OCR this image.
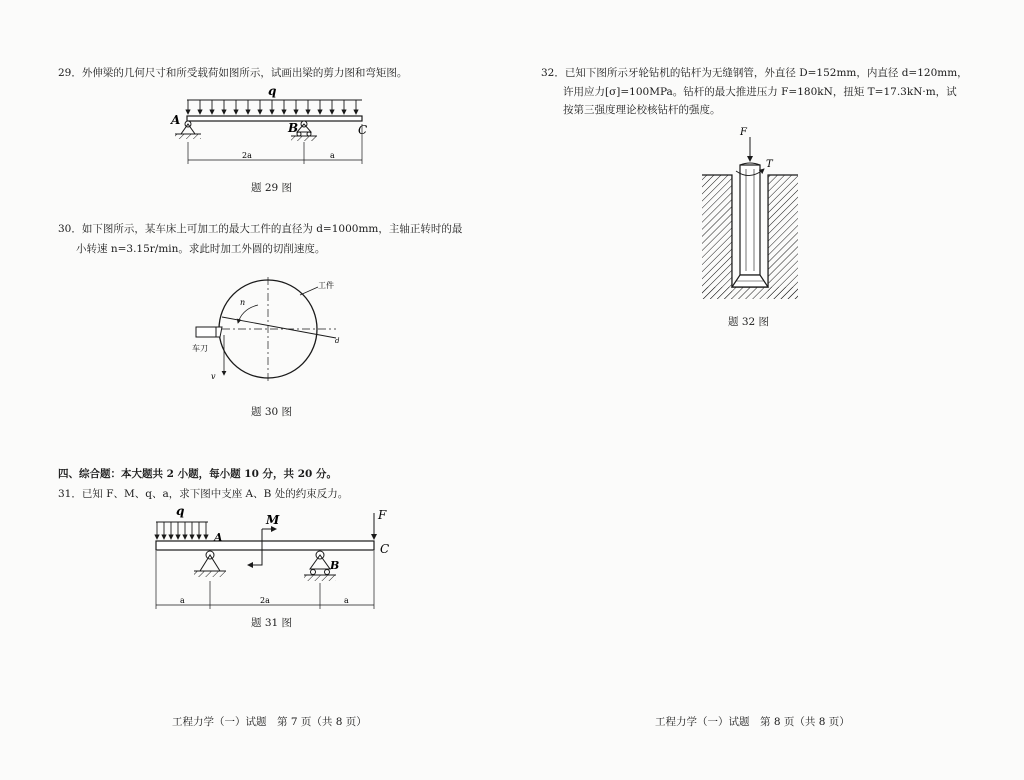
29．外伸梁的几何尺寸和所受载荷如图所示，试画出梁的剪力图和弯矩图。
q
A
B	C
2a	a
题 29 图
30．如下图所示，某车床上可加工的最大工件的直径为 d=1000mm，主轴正转时的最
小转速 n=3.15r/min。求此时加工外圆的切削速度。
d
n
工件
车刀
v
题 30 图
四、综合题：本大题共 2 小题，每小题 10 分，共 20 分。
31．已知 F、M、q、a，求下图中支座 A、B 处的约束反力。
q	F
C
M
A
B
a	2a	a
题 31 图
32．已知下图所示牙轮钻机的钻杆为无缝钢管，外直径 D=152mm，内直径 d=120mm，
许用应力[σ]=100MPa。钻杆的最大推进压力 F=180kN，扭矩 T=17.3kN·m，试
按第三强度理论校核钻杆的强度。
F
T
题 32 图
工程力学（一）试题　第 7 页（共 8 页）	工程力学（一）试题　第 8 页（共 8 页）
